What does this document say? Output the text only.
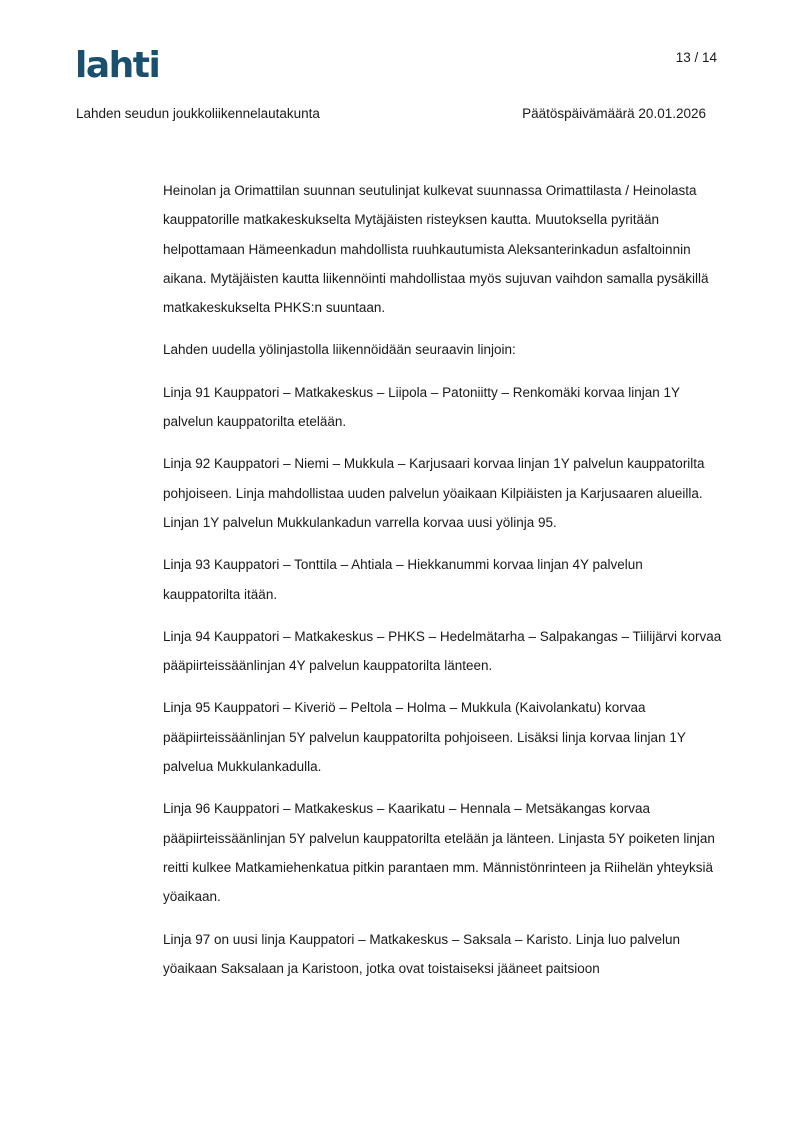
lahti	13 / 14
Lahden seudun joukkoliikennelautakunta	Päätöspäivämäärä 20.01.2026

Heinolan ja Orimattilan suunnan seutulinjat kulkevat suunnassa Orimattilasta / Heinolasta kauppatorille matkakeskukselta Mytäjäisten risteyksen kautta. Muutoksella pyritään helpottamaan Hämeenkadun mahdollista ruuhkautumista Aleksanterinkadun asfaltoinnin aikana. Mytäjäisten kautta liikennöinti mahdollistaa myös sujuvan vaihdon samalla pysäkillä matkakeskukselta PHKS:n suuntaan.

Lahden uudella yölinjastolla liikennöidään seuraavin linjoin:

Linja 91 Kauppatori – Matkakeskus – Liipola – Patoniitty – Renkomäki korvaa linjan 1Y palvelun kauppatorilta etelään.

Linja 92 Kauppatori – Niemi – Mukkula – Karjusaari korvaa linjan 1Y palvelun kauppatorilta pohjoiseen. Linja mahdollistaa uuden palvelun yöaikaan Kilpiäisten ja Karjusaaren alueilla. Linjan 1Y palvelun Mukkulankadun varrella korvaa uusi yölinja 95.

Linja 93 Kauppatori – Tonttila – Ahtiala – Hiekkanummi korvaa linjan 4Y palvelun kauppatorilta itään.

Linja 94 Kauppatori – Matkakeskus – PHKS – Hedelmätarha – Salpakangas – Tiilijärvi korvaa pääpiirteissäänlinjan 4Y palvelun kauppatorilta länteen.

Linja 95 Kauppatori – Kiveriö – Peltola – Holma – Mukkula (Kaivolankatu) korvaa pääpiirteissäänlinjan 5Y palvelun kauppatorilta pohjoiseen. Lisäksi linja korvaa linjan 1Y palvelua Mukkulankadulla.

Linja 96 Kauppatori – Matkakeskus – Kaarikatu – Hennala – Metsäkangas korvaa pääpiirteissäänlinjan 5Y palvelun kauppatorilta etelään ja länteen. Linjasta 5Y poiketen linjan reitti kulkee Matkamiehenkatua pitkin parantaen mm. Männistönrinteen ja Riihelän yhteyksiä yöaikaan.

Linja 97 on uusi linja Kauppatori – Matkakeskus – Saksala – Karisto. Linja luo palvelun yöaikaan Saksalaan ja Karistoon, jotka ovat toistaiseksi jääneet paitsioon
